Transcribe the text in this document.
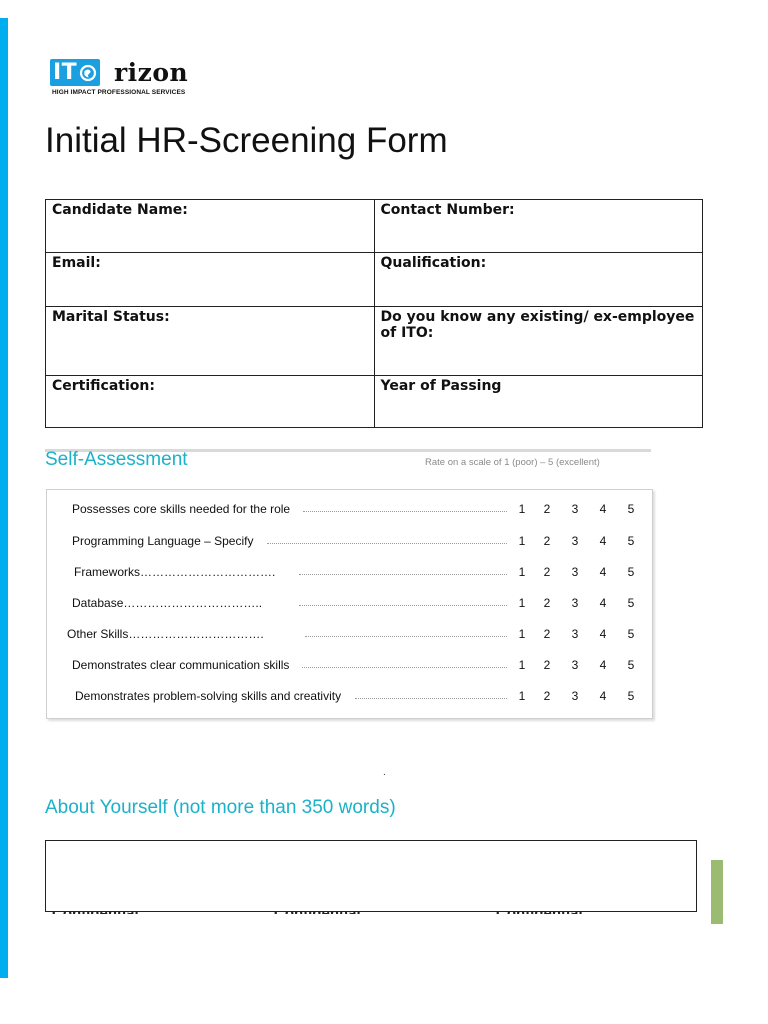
IT rizon
HIGH IMPACT PROFESSIONAL SERVICES
Initial HR-Screening Form
Candidate Name:	Contact Number:
Email:	Qualification:
Marital Status:	Do you know any existing/ ex-employee of ITO:
Certification:	Year of Passing
Self-Assessment	Rate on a scale of 1 (poor) – 5 (excellent)
Possesses core skills needed for the role	1 2 3 4 5
Programming Language – Specify	1 2 3 4 5
Frameworks…………………………….	1 2 3 4 5
Database……………………………..	1 2 3 4 5
Other Skills…………………………….	1 2 3 4 5
Demonstrates clear communication skills	1 2 3 4 5
Demonstrates problem-solving skills and creativity	1 2 3 4 5
.
About Yourself (not more than 350 words)
